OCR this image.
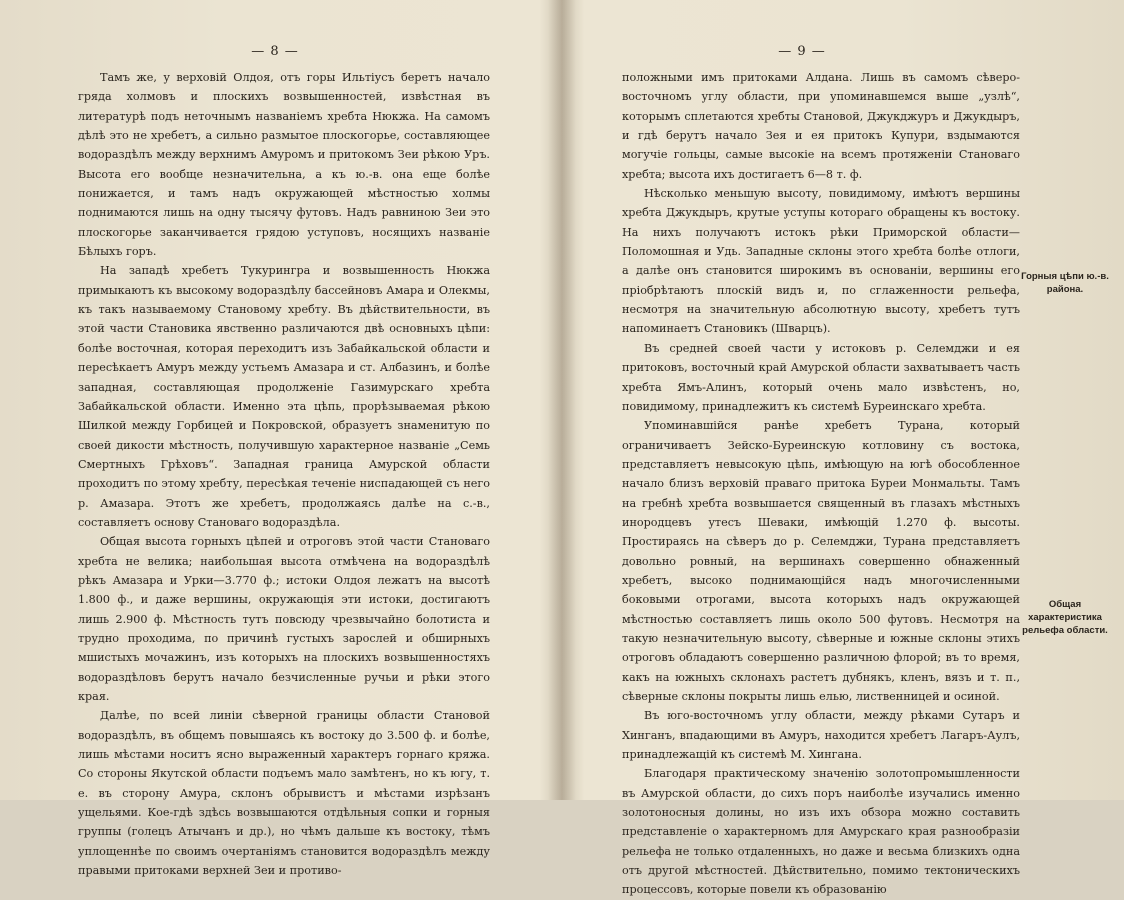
— 8 —

Тамъ же, у верховій Олдоя, отъ горы Ильтiусъ беретъ начало гряда холмовъ и плоскихъ возвышенностей, извѣстная въ литературѣ подъ неточнымъ названіемъ хребта Нюкжа. На самомъ дѣлѣ это не хребетъ, а сильно размытое плоскогорье, составляющее водораздѣлъ между верхнимъ Амуромъ и притокомъ Зеи рѣкою Уръ. Высота его вообще незначительна, а къ ю.-в. она еще болѣе понижается, и тамъ надъ окружающей мѣстностью холмы поднимаются лишь на одну тысячу футовъ. Надъ равниною Зеи это плоскогорье заканчивается грядою уступовъ, носящихъ названіе Бѣлыхъ горъ.

На западѣ хребетъ Тукурингра и возвышенность Нюкжа примыкаютъ къ высокому водораздѣлу бассейновъ Амара и Олекмы, къ такъ называемому Становому хребту. Въ дѣйствительности, въ этой части Становика явственно различаются двѣ основныхъ цѣпи: болѣе восточная, которая переходитъ изъ Забайкальской области и пересѣкаетъ Амуръ между устьемъ Амазара и ст. Албазинъ, и болѣе западная, составляющая продолженіе Газимурскаго хребта Забайкальской области. Именно эта цѣпь, прорѣзываемая рѣкою Шилкой между Горбицей и Покровской, образуетъ знаменитую по своей дикости мѣстность, получившую характерное названіе „Семь Смертныхъ Грѣховъ“. Западная граница Амурской области проходитъ по этому хребту, пересѣкая теченіе ниспадающей съ него р. Амазара. Этотъ же хребетъ, продолжаясь далѣе на с.-в., составляетъ основу Становаго водораздѣла.

Общая высота горныхъ цѣпей и отроговъ этой части Становаго хребта не велика; наибольшая высота отмѣчена на водораздѣлѣ рѣкъ Амазара и Урки—3.770 ф.; истоки Олдоя лежатъ на высотѣ 1.800 ф., и даже вершины, окружающія эти истоки, достигаютъ лишь 2.900 ф. Мѣстность тутъ повсюду чрезвычайно болотиста и трудно проходима, по причинѣ густыхъ зарослей и обширныхъ мшистыхъ мочажинъ, изъ которыхъ на плоскихъ возвышенностяхъ водораздѣловъ берутъ начало безчисленные ручьи и рѣки этого края.

Далѣе, по всей линіи сѣверной границы области Становой водораздѣлъ, въ общемъ повышаясь къ востоку до 3.500 ф. и болѣе, лишь мѣстами носитъ ясно выраженный характеръ горнаго кряжа. Со стороны Якутской области подъемъ мало замѣтенъ, но къ югу, т. е. въ сторону Амура, склонъ обрывистъ и мѣстами изрѣзанъ ущельями. Кое-гдѣ здѣсь возвышаются отдѣльныя сопки и горныя группы (голецъ Атычанъ и др.), но чѣмъ дальше къ востоку, тѣмъ уплощеннѣе по своимъ очертаніямъ становится водораздѣлъ между правыми притоками верхней Зеи и противо-

— 9 —

положными имъ притоками Алдана. Лишь въ самомъ сѣверо-восточномъ углу области, при упоминавшемся выше „узлѣ“, которымъ сплетаются хребты Становой, Джукджуръ и Джукдыръ, и гдѣ берутъ начало Зея и ея притокъ Купури, вздымаются могучіе гольцы, самые высокіе на всемъ протяженіи Становаго хребта; высота ихъ достигаетъ 6—8 т. ф.

Нѣсколько меньшую высоту, повидимому, имѣютъ вершины хребта Джукдыръ, крутые уступы котораго обращены къ востоку. На нихъ получаютъ истокъ рѣки Приморской области—Поломошная и Удь. Западные склоны этого хребта болѣе отлоги, а далѣе онъ становится широкимъ въ основаніи, вершины его пріобрѣтаютъ плоскій видъ и, по сглаженности рельефа, несмотря на значительную абсолютную высоту, хребетъ тутъ напоминаетъ Становикъ (Шварцъ).

Въ средней своей части у истоковъ р. Селемджи и ея притоковъ, восточный край Амурской области захватываетъ часть хребта Ямъ-Алинъ, который очень мало извѣстенъ, но, повидимому, принадлежитъ къ системѣ Буреинскаго хребта.

Упоминавшійся ранѣе хребетъ Турана, который ограничиваетъ Зейско-Буреинскую котловину съ востока, представляетъ невысокую цѣпь, имѣющую на югѣ обособленное начало близъ верховій праваго притока Буреи Монмальты. Тамъ на гребнѣ хребта возвышается священный въ глазахъ мѣстныхъ инородцевъ утесъ Шеваки, имѣющій 1.270 ф. высоты. Простираясь на сѣверъ до р. Селемджи, Турана представляетъ довольно ровный, на вершинахъ совершенно обнаженный хребетъ, высоко поднимающійся надъ многочисленными боковыми отрогами, высота которыхъ надъ окружающей мѣстностью составляетъ лишь около 500 футовъ. Несмотря на такую незначительную высоту, сѣверные и южные склоны этихъ отроговъ обладаютъ совершенно различною флорой; въ то время, какъ на южныхъ склонахъ растетъ дубнякъ, кленъ, вязъ и т. п., сѣверные склоны покрыты лишь елью, лиственницей и осиной.

Въ юго-восточномъ углу области, между рѣками Сутаръ и Хинганъ, впадающими въ Амуръ, находится хребетъ Лагаръ-Аулъ, принадлежащій къ системѣ М. Хингана.

Благодаря практическому значенію золотопромышленности въ Амурской области, до сихъ поръ наиболѣе изучались именно золотоносныя долины, но изъ ихъ обзора можно составить представленіе о характерномъ для Амурскаго края разнообразіи рельефа не только отдаленныхъ, но даже и весьма близкихъ одна отъ другой мѣстностей. Дѣйствительно, помимо тектоническихъ процессовъ, которые повели къ образованію

Горныя цѣпи ю.-в. района.
Общая характеристика рельефа области.
